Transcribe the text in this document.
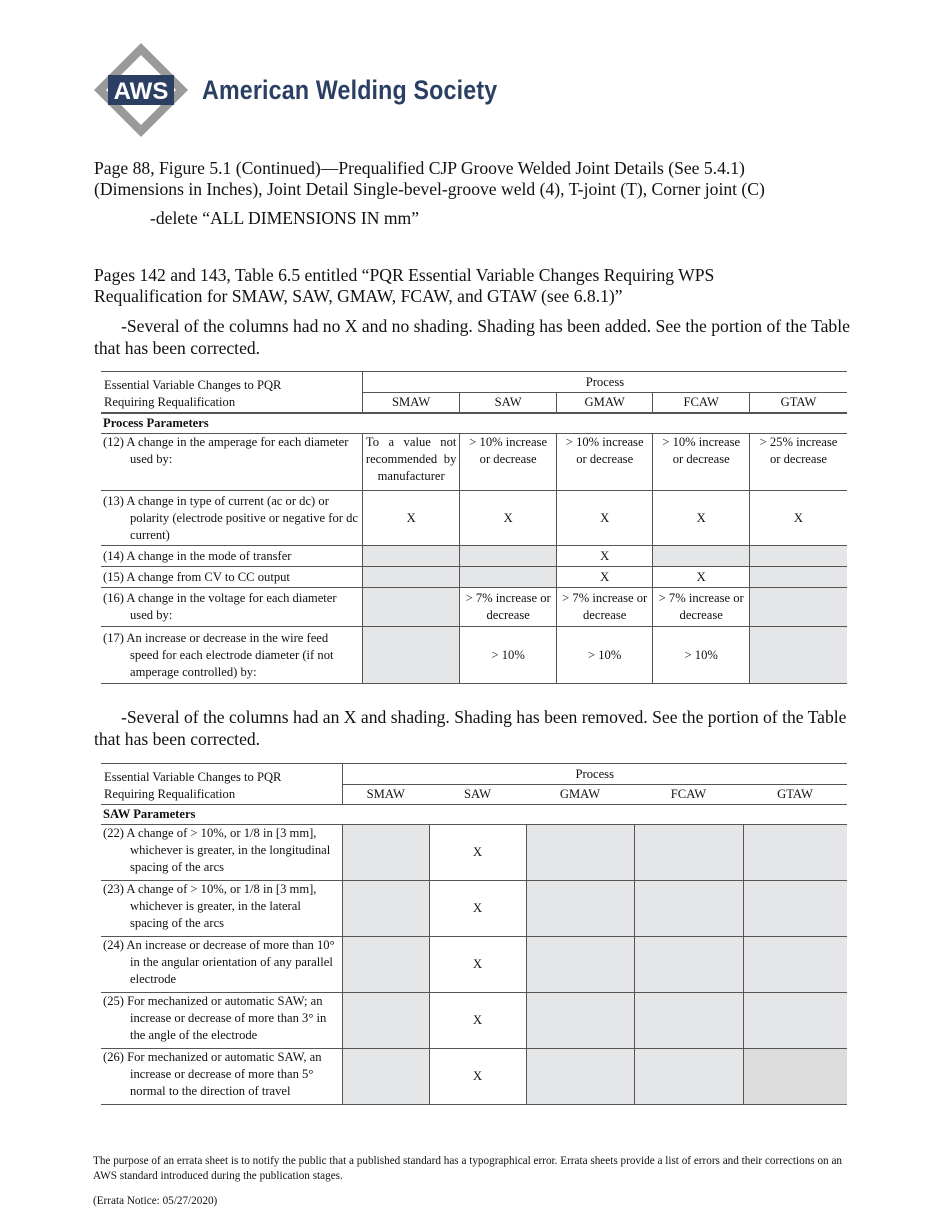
AWS American Welding Society
Page 88, Figure 5.1 (Continued)—Prequalified CJP Groove Welded Joint Details (See 5.4.1)
(Dimensions in Inches), Joint Detail Single-bevel-groove weld (4), T-joint (T), Corner joint (C)
-delete “ALL DIMENSIONS IN mm”
Pages 142 and 143, Table 6.5 entitled “PQR Essential Variable Changes Requiring WPS
Requalification for SMAW, SAW, GMAW, FCAW, and GTAW (see 6.8.1)”
-Several of the columns had no X and no shading. Shading has been added. See the portion of the Table that has been corrected.
Essential Variable Changes to PQR
Requiring Requalification	Process				
	SMAW	SAW	GMAW	FCAW	GTAW
Process Parameters					

(12) A change in the amperage for each diameter used by:	To a value not recommended by manufacturer	> 10% increase or decrease	> 10% increase or decrease	> 10% increase or decrease	> 25% increase or decrease

(13) A change in type of current (ac or dc) or polarity (electrode positive or negative for dc current)	X	X	X	X	X

(14) A change in the mode of transfer			X		

(15) A change from CV to CC output			X	X	

(16) A change in the voltage for each diameter used by:		> 7% increase or decrease	> 7% increase or decrease	> 7% increase or decrease	

(17) An increase or decrease in the wire feed speed for each electrode diameter (if not amperage controlled) by:		> 10%	> 10%	> 10%	
-Several of the columns had an X and shading. Shading has been removed. See the portion of the Table that has been corrected.
Essential Variable Changes to PQR
Requiring Requalification	Process				
	SMAW	SAW	GMAW	FCAW	GTAW
SAW Parameters					

(22) A change of > 10%, or 1/8 in [3 mm], whichever is greater, in the longitudinal spacing of the arcs		X			

(23) A change of > 10%, or 1/8 in [3 mm], whichever is greater, in the lateral spacing of the arcs		X			

(24) An increase or decrease of more than 10° in the angular orientation of any parallel electrode		X			

(25) For mechanized or automatic SAW; an increase or decrease of more than 3° in the angle of the electrode		X			

(26) For mechanized or automatic SAW, an increase or decrease of more than 5° normal to the direction of travel		X			
The purpose of an errata sheet is to notify the public that a published standard has a typographical error. Errata sheets provide a list of errors and their corrections on an AWS standard introduced during the publication stages.
(Errata Notice: 05/27/2020)
